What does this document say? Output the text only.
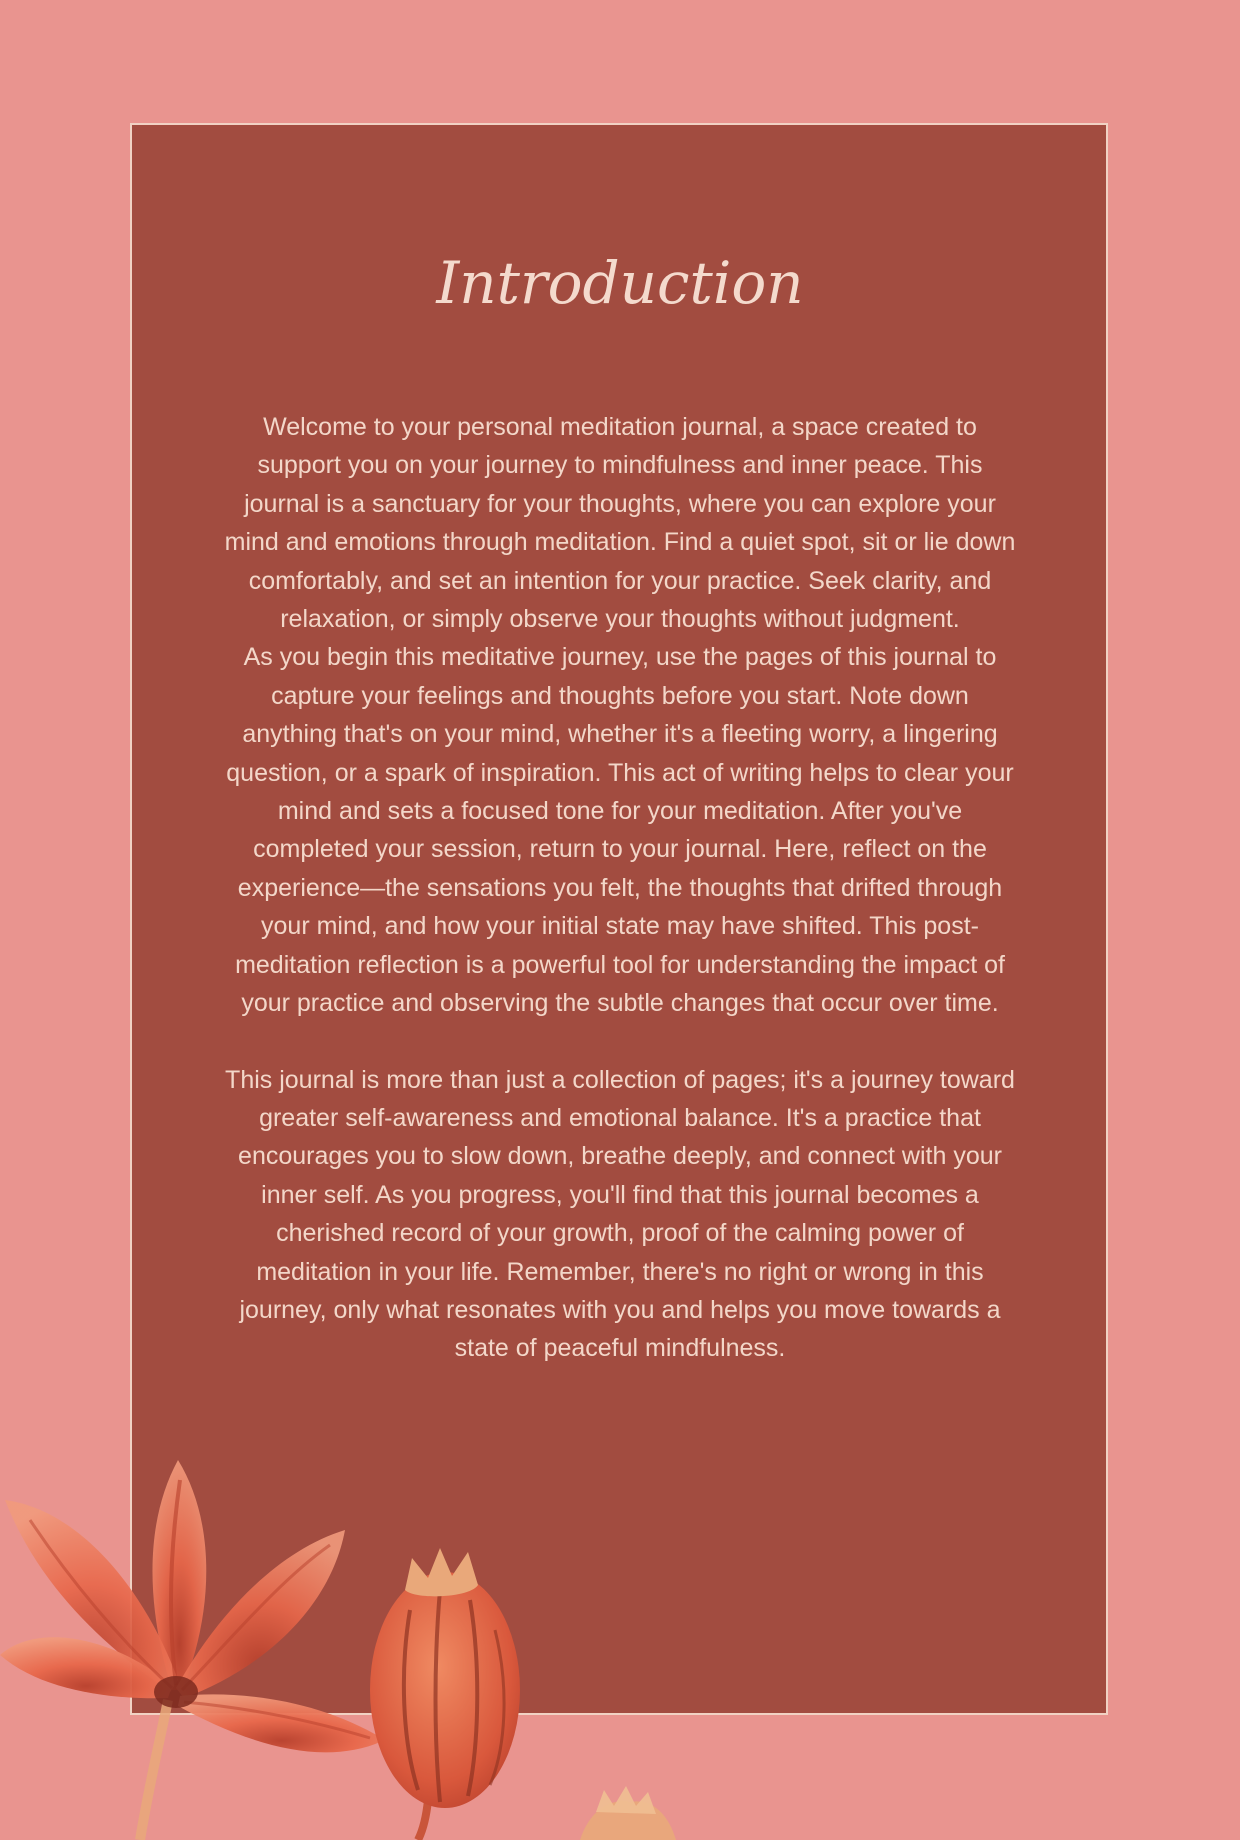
Introduction

Welcome to your personal meditation journal, a space created to support you on your journey to mindfulness and inner peace. This journal is a sanctuary for your thoughts, where you can explore your mind and emotions through meditation. Find a quiet spot, sit or lie down comfortably, and set an intention for your practice. Seek clarity, and relaxation, or simply observe your thoughts without judgment.

As you begin this meditative journey, use the pages of this journal to capture your feelings and thoughts before you start. Note down anything that's on your mind, whether it's a fleeting worry, a lingering question, or a spark of inspiration. This act of writing helps to clear your mind and sets a focused tone for your meditation. After you've completed your session, return to your journal. Here, reflect on the experience—the sensations you felt, the thoughts that drifted through your mind, and how your initial state may have shifted. This post-meditation reflection is a powerful tool for understanding the impact of your practice and observing the subtle changes that occur over time.

This journal is more than just a collection of pages; it's a journey toward greater self-awareness and emotional balance. It's a practice that encourages you to slow down, breathe deeply, and connect with your inner self. As you progress, you'll find that this journal becomes a cherished record of your growth, proof of the calming power of meditation in your life. Remember, there's no right or wrong in this journey, only what resonates with you and helps you move towards a state of peaceful mindfulness.
